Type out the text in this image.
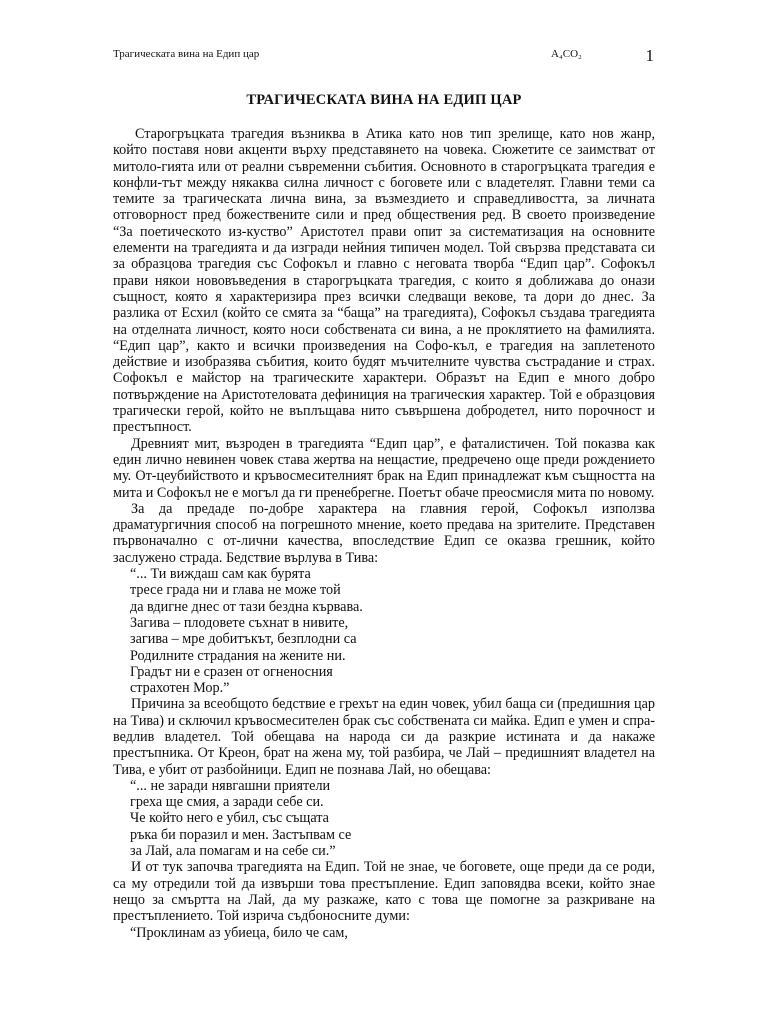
Трагическата вина на Едип цар	A₄CO₂	1
ТРАГИЧЕСКАТА ВИНА НА ЕДИП ЦАР

Старогръцката трагедия възниква в Атика като нов тип зрелище, като нов жанр, който поставя нови акценти върху представянето на човека. Сюжетите се заимстват от митоло-гията или от реални съвременни събития. Основното в старогръцката трагедия е конфли-тът между някаква силна личност с боговете или с владетелят. Главни теми са темите за трагическата лична вина, за възмездието и справедливостта, за личната отговорност пред божествените сили и пред обществения ред. В своето произведение “За поетическото из-куство” Аристотел прави опит за систематизация на основните елементи на трагедията и да изгради нейния типичен модел. Той свързва представата си за образцова трагедия със Софокъл и главно с неговата творба “Едип цар”. Софокъл прави някои нововъведения в старогръцката трагедия, с които я доближава до онази същност, която я характеризира през всички следващи векове, та дори до днес. За разлика от Есхил (който се смята за “баща” на трагедията), Софокъл създава трагедията на отделната личност, която носи собствената си вина, а не проклятието на фамилията. “Едип цар”, както и всички произведения на Софо-къл, е трагедия на заплетеното действие и изобразява събития, които будят мъчителните чувства състрадание и страх. Софокъл е майстор на трагическите характери. Образът на Едип е много добро потвърждение на Аристотеловата дефиниция на трагическия характер. Той е образцовия трагически герой, който не въплъщава нито съвършена добродетел, нито порочност и престъпност.

Древният мит, възроден в трагедията “Едип цар”, е фаталистичен. Той показва как един лично невинен човек става жертва на нещастие, предречено още преди рождението му. От-цеубийството и кръвосмесителният брак на Едип принадлежат към същността на мита и Софокъл не е могъл да ги пренебрегне. Поетът обаче преосмисля мита по новому.

За да предаде по-добре характера на главния герой, Софокъл използва драматургичния способ на погрешното мнение, което предава на зрителите. Представен първоначално с от-лични качества, впоследствие Едип се оказва грешник, който заслужено страда. Бедствие върлува в Тива:

“... Ти виждаш сам как бурята
тресе града ни и глава не може той
да вдигне днес от тази бездна кървава.
Загива – плодовете съхнат в нивите,
загива – мре добитъкът, безплодни са
Родилните страдания на жените ни.
Градът ни е сразен от огненосния
страхотен Мор.”

Причина за всеобщото бедствие е грехът на един човек, убил баща си (предишния цар на Тива) и сключил кръвосмесителен брак със собствената си майка. Едип е умен и спра-ведлив владетел. Той обещава на народа си да разкрие истината и да накаже престъпника. От Креон, брат на жена му, той разбира, че Лай – предишният владетел на Тива, е убит от разбойници. Едип не познава Лай, но обещава:

“... не заради нявгашни приятели
греха ще смия, а заради себе си.
Че който него е убил, със същата
ръка би поразил и мен. Застъпвам се
за Лай, ала помагам и на себе си.”

И от тук започва трагедията на Едип. Той не знае, че боговете, още преди да се роди, са му отредили той да извърши това престъпление. Едип заповядва всеки, който знае нещо за смъртта на Лай, да му разкаже, като с това ще помогне за разкриване на престъплението. Той изрича съдбоносните думи:

“Проклинам аз убиеца, било че сам,
